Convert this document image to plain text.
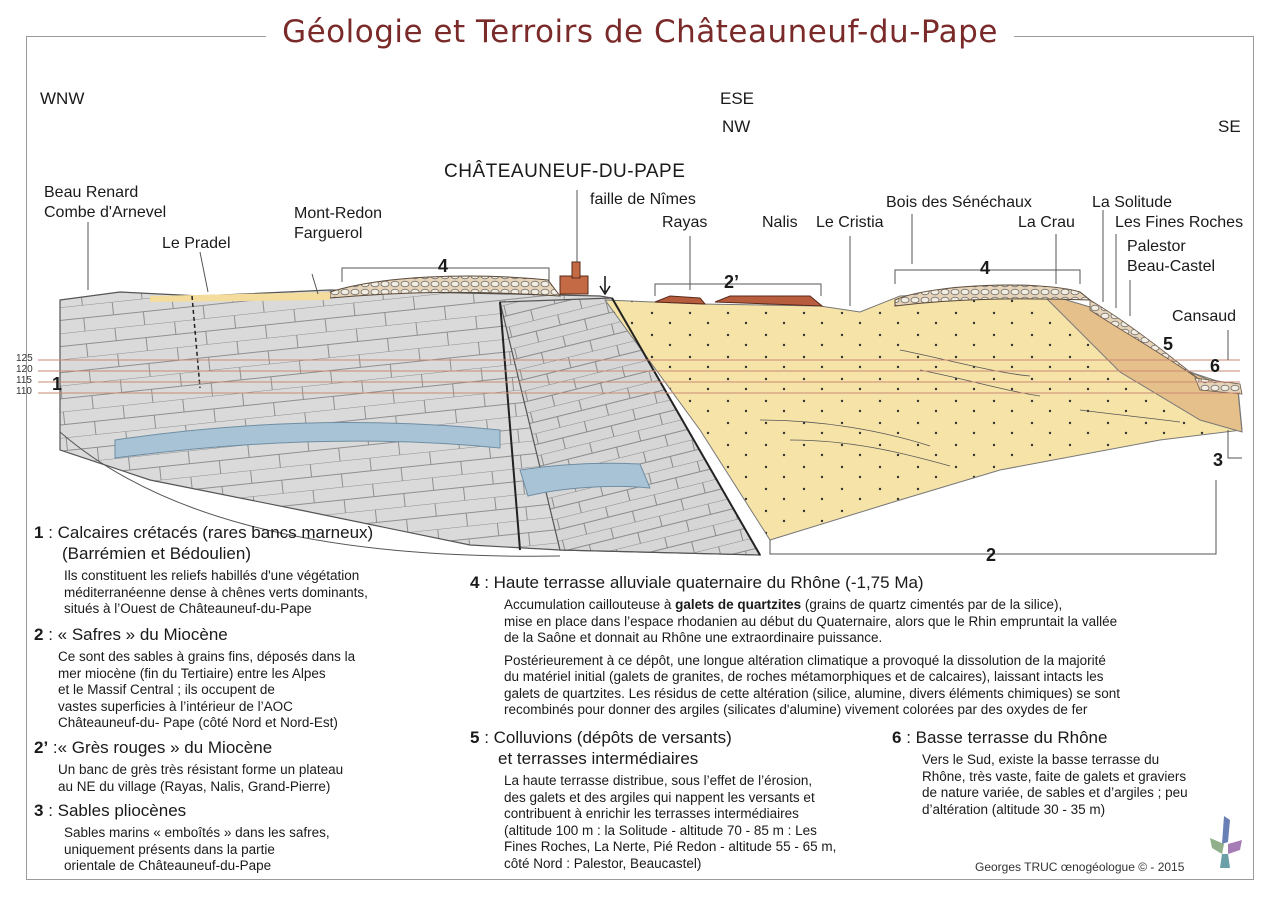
Géologie et Terroirs de Châteauneuf-du-Pape
WNW	ESE
NW	SE
Beau Renard
Combe d'Arnevel
Le Pradel
Mont-Redon
Farguerol
CHÂTEAUNEUF-DU-PAPE
faille de Nîmes
Rayas	Nalis Le Cristia
Bois des Sénéchaux
La Crau
La Solitude
Les Fines Roches
Palestor
Beau-Castel
Cansaud
125
120
115
110 1
4
2’
4
5
6
2
3
1 : Calcaires crétacés (rares bancs marneux)
(Barrémien et Bédoulien)
Ils constituent les reliefs habillés d'une végétation
méditerranéenne dense à chênes verts dominants,
situés à l’Ouest de Châteauneuf-du-Pape
2 : « Safres » du Miocène
Ce sont des sables à grains fins, déposés dans la
mer miocène (fin du Tertiaire) entre les Alpes
et le Massif Central ; ils occupent de
vastes superficies à l’intérieur de l’AOC
Châteauneuf-du- Pape (côté Nord et Nord-Est)
2’ :« Grès rouges » du Miocène
Un banc de grès très résistant forme un plateau
au NE du village (Rayas, Nalis, Grand-Pierre)
3 : Sables pliocènes
Sables marins « emboîtés » dans les safres,
uniquement présents dans la partie
orientale de Châteauneuf-du-Pape
4 : Haute terrasse alluviale quaternaire du Rhône (-1,75 Ma)
Accumulation caillouteuse à galets de quartzites (grains de quartz cimentés par de la silice),
mise en place dans l’espace rhodanien au début du Quaternaire, alors que le Rhin empruntait la vallée
de la Saône et donnait au Rhône une extraordinaire puissance.
Postérieurement à ce dépôt, une longue altération climatique a provoqué la dissolution de la majorité
du matériel initial (galets de granites, de roches métamorphiques et de calcaires), laissant intacts les
galets de quartzites. Les résidus de cette altération (silice, alumine, divers éléments chimiques) se sont
recombinés pour donner des argiles (silicates d'alumine) vivement colorées par des oxydes de fer
5 : Colluvions (dépôts de versants)
et terrasses intermédiaires
La haute terrasse distribue, sous l’effet de l’érosion,
des galets et des argiles qui nappent les versants et
contribuent à enrichir les terrasses intermédiaires
(altitude 100 m : la Solitude - altitude 70 - 85 m : Les
Fines Roches, La Nerte, Pié Redon - altitude 55 - 65 m,
côté Nord : Palestor, Beaucastel)
6 : Basse terrasse du Rhône
Vers le Sud, existe la basse terrasse du
Rhône, très vaste, faite de galets et graviers
de nature variée, de sables et d’argiles ; peu
d’altération (altitude 30 - 35 m)
Georges TRUC œnogéologue © - 2015
